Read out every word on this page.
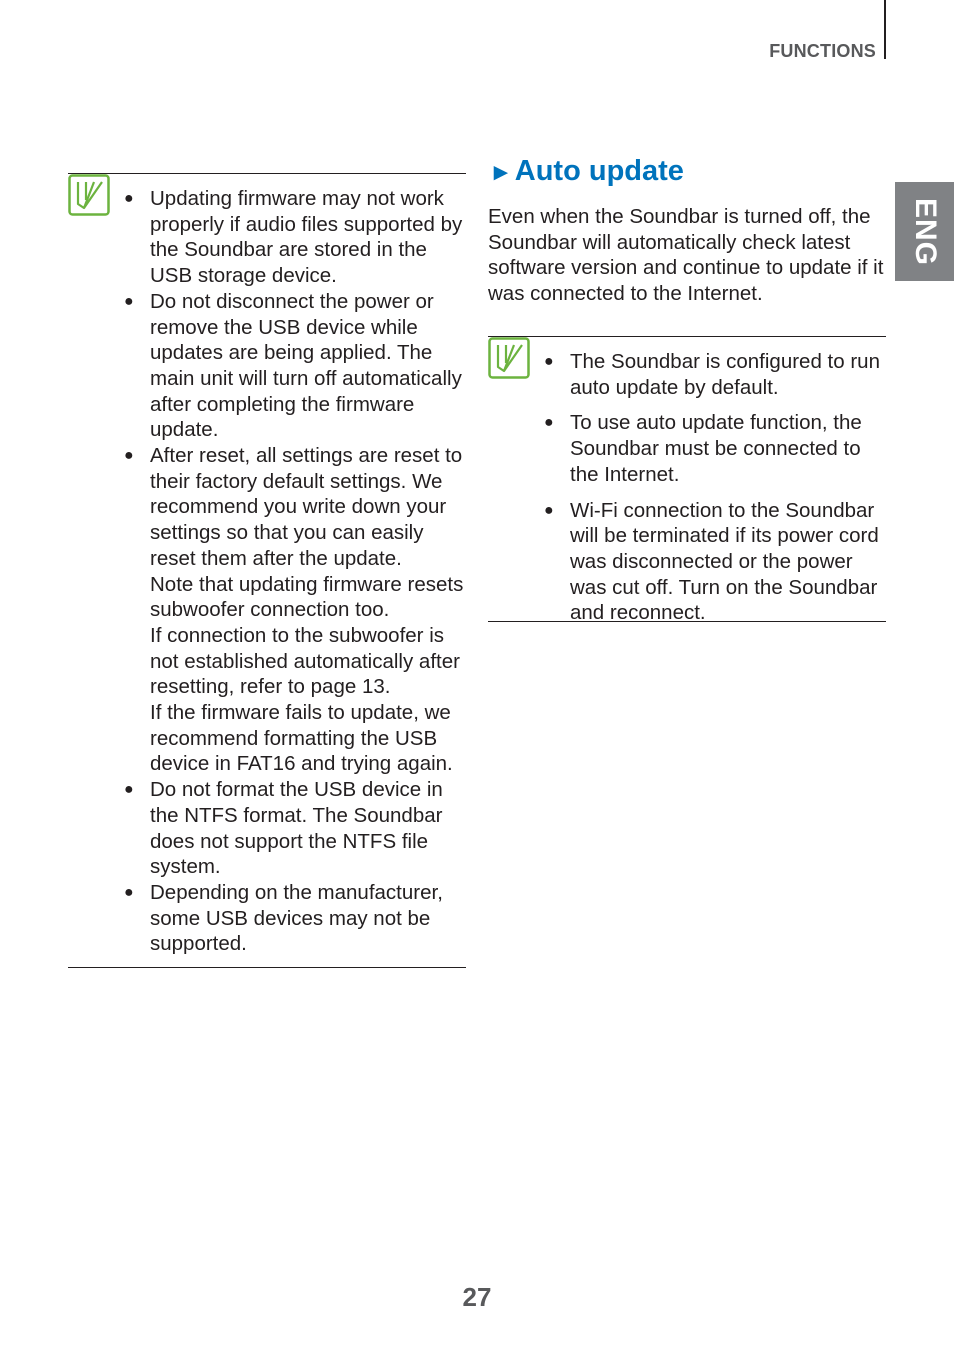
FUNCTIONS
ENG
● Updating firmware may not work
properly if audio files supported by
the Soundbar are stored in the
USB storage device.
● Do not disconnect the power or
remove the USB device while
updates are being applied. The
main unit will turn off automatically
after completing the firmware
update.
● After reset, all settings are reset to
their factory default settings. We
recommend you write down your
settings so that you can easily
reset them after the update.
Note that updating firmware resets
subwoofer connection too.
If connection to the subwoofer is
not established automatically after
resetting, refer to page 13.
If the firmware fails to update, we
recommend formatting the USB
device in FAT16 and trying again.
● Do not format the USB device in
the NTFS format. The Soundbar
does not support the NTFS file
system.
● Depending on the manufacturer,
some USB devices may not be
supported.
►Auto update

Even when the Soundbar is turned off, the
Soundbar will automatically check latest
software version and continue to update if it
was connected to the Internet.

● The Soundbar is configured to run
auto update by default.
● To use auto update function, the
Soundbar must be connected to
the Internet.
● Wi-Fi connection to the Soundbar
will be terminated if its power cord
was disconnected or the power
was cut off. Turn on the Soundbar
and reconnect.
27
